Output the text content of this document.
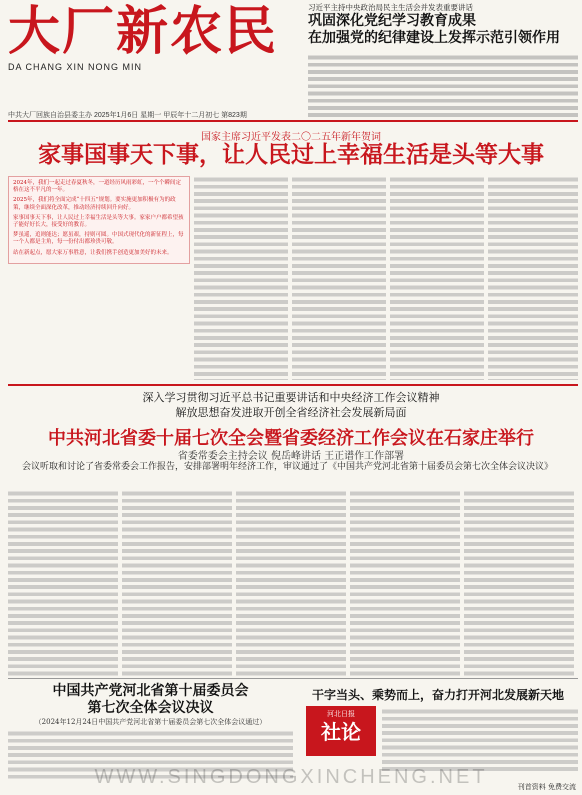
大厂新农民
DA CHANG XIN NONG MIN
中共大厂回族自治县委主办 2025年1月6日 星期一 甲辰年十二月初七 第823期
习近平主持中央政治局民主生活会并发表重要讲话
巩固深化党纪学习教育成果
在加强党的纪律建设上发挥示范引领作用
国家主席习近平发表二〇二五年新年贺词
家事国事天下事，让人民过上幸福生活是头等大事

2024年，我们一起走过春夏秋冬，一道经历风雨彩虹，一个个瞬间定格在这不平凡的一年。

2025年，我们将全面完成“十四五”规划。要实施更加积极有为的政策，继续全面深化改革，推动经济持续回升向好。

家事国事天下事，让人民过上幸福生活是头等大事。家家户户都希望孩子能好好长大，接受好的教育。

梦虽遥，追则能达；愿虽艰，持则可圆。中国式现代化的新征程上，每一个人都是主角，每一份付出都珍贵可敬。

站在新起点，愿大家万事胜意，让我们携手创造更加美好的未来。

深入学习贯彻习近平总书记重要讲话和中央经济工作会议精神
解放思想奋发进取开创全省经济社会发展新局面
中共河北省委十届七次全会暨省委经济工作会议在石家庄举行
省委常委会主持会议 倪岳峰讲话 王正谱作工作部署
会议听取和讨论了省委常委会工作报告，安排部署明年经济工作，审议通过了《中国共产党河北省第十届委员会第七次全体会议决议》
中国共产党河北省第十届委员会
第七次全体会议决议
（2024年12月24日中国共产党河北省第十届委员会第七次全体会议通过）
干字当头、乘势而上，奋力打开河北发展新天地
河北日报
社论
WWW.SINGDONGXINCHENG.NET	刊首资料 免费交流
